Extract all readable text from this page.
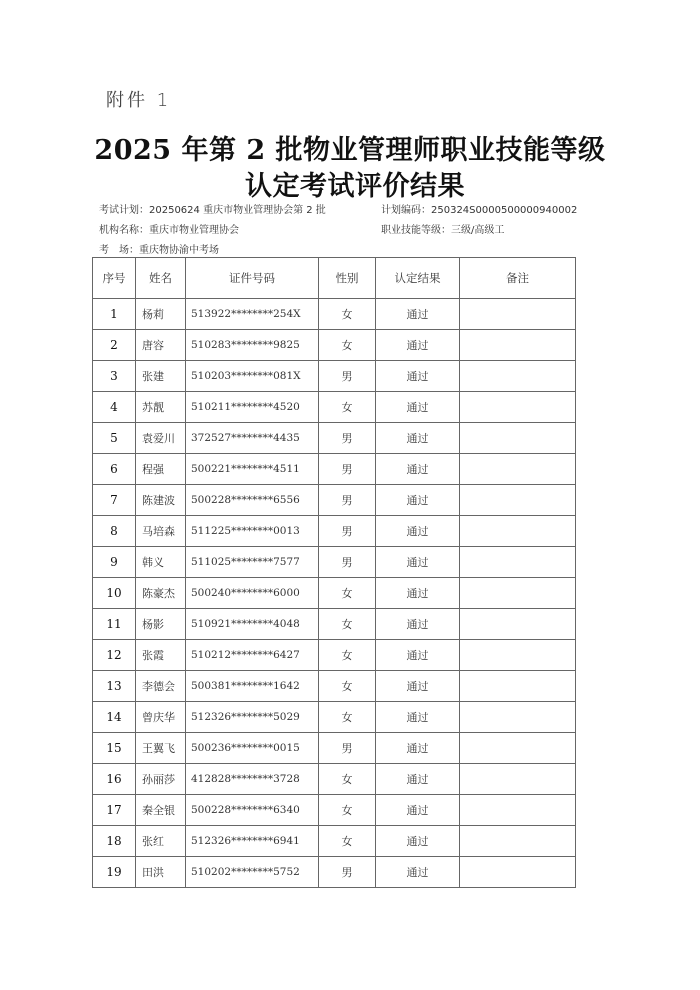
附件 1
2025 年第 2 批物业管理师职业技能等级
认定考试评价结果
考试计划：20250624 重庆市物业管理协会第 2 批	计划编码：250324S0000500000940002
机构名称：重庆市物业管理协会	职业技能等级：三级/高级工
考　场：重庆物协渝中考场
序号	姓名	证件号码	性别	认定结果	备注
1	杨莉	513922********254X	女	通过	
2	唐容	510283********9825	女	通过	
3	张建	510203********081X	男	通过	
4	苏靓	510211********4520	女	通过	
5	袁爱川	372527********4435	男	通过	
6	程强	500221********4511	男	通过	
7	陈建波	500228********6556	男	通过	
8	马培森	511225********0013	男	通过	
9	韩义	511025********7577	男	通过	
10	陈豪杰	500240********6000	女	通过	
11	杨影	510921********4048	女	通过	
12	张霞	510212********6427	女	通过	
13	李德会	500381********1642	女	通过	
14	曾庆华	512326********5029	女	通过	
15	王翼飞	500236********0015	男	通过	
16	孙丽莎	412828********3728	女	通过	
17	秦全银	500228********6340	女	通过	
18	张红	512326********6941	女	通过	
19	田洪	510202********5752	男	通过	
